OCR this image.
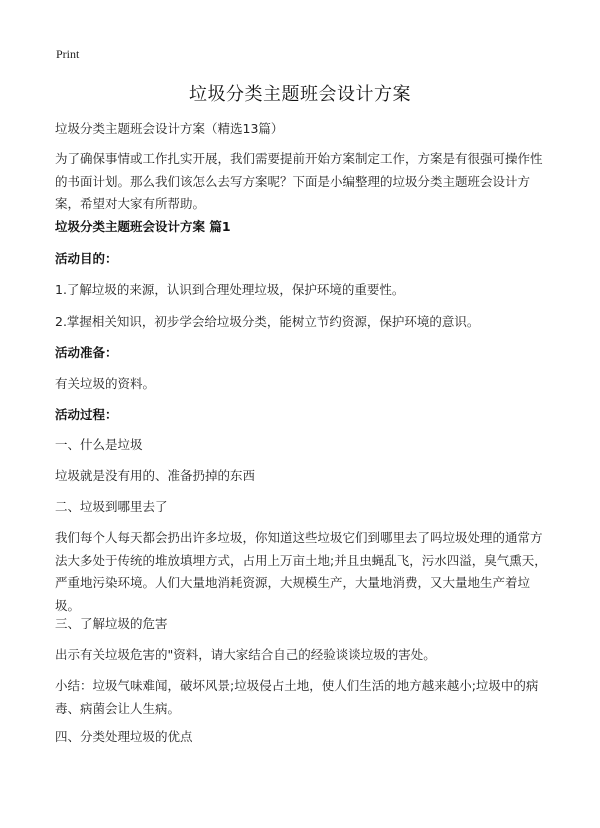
Print
垃圾分类主题班会设计方案
垃圾分类主题班会设计方案（精选13篇）
为了确保事情或工作扎实开展，我们需要提前开始方案制定工作，方案是有很强可操作性的书面计划。那么我们该怎么去写方案呢？下面是小编整理的垃圾分类主题班会设计方案，希望对大家有所帮助。
垃圾分类主题班会设计方案 篇1
活动目的：
1.了解垃圾的来源，认识到合理处理垃圾，保护环境的重要性。
2.掌握相关知识，初步学会给垃圾分类，能树立节约资源，保护环境的意识。
活动准备：
有关垃圾的资料。
活动过程：
一、什么是垃圾
垃圾就是没有用的、准备扔掉的东西
二、垃圾到哪里去了
我们每个人每天都会扔出许多垃圾，你知道这些垃圾它们到哪里去了吗垃圾处理的通常方法大多处于传统的堆放填埋方式，占用上万亩土地;并且虫蝇乱飞，污水四溢，臭气熏天，严重地污染环境。人们大量地消耗资源，大规模生产，大量地消费，又大量地生产着垃圾。
三、了解垃圾的危害
出示有关垃圾危害的"资料，请大家结合自己的经验谈谈垃圾的害处。
小结：垃圾气味难闻，破坏风景;垃圾侵占土地，使人们生活的地方越来越小;垃圾中的病毒、病菌会让人生病。
四、分类处理垃圾的优点
